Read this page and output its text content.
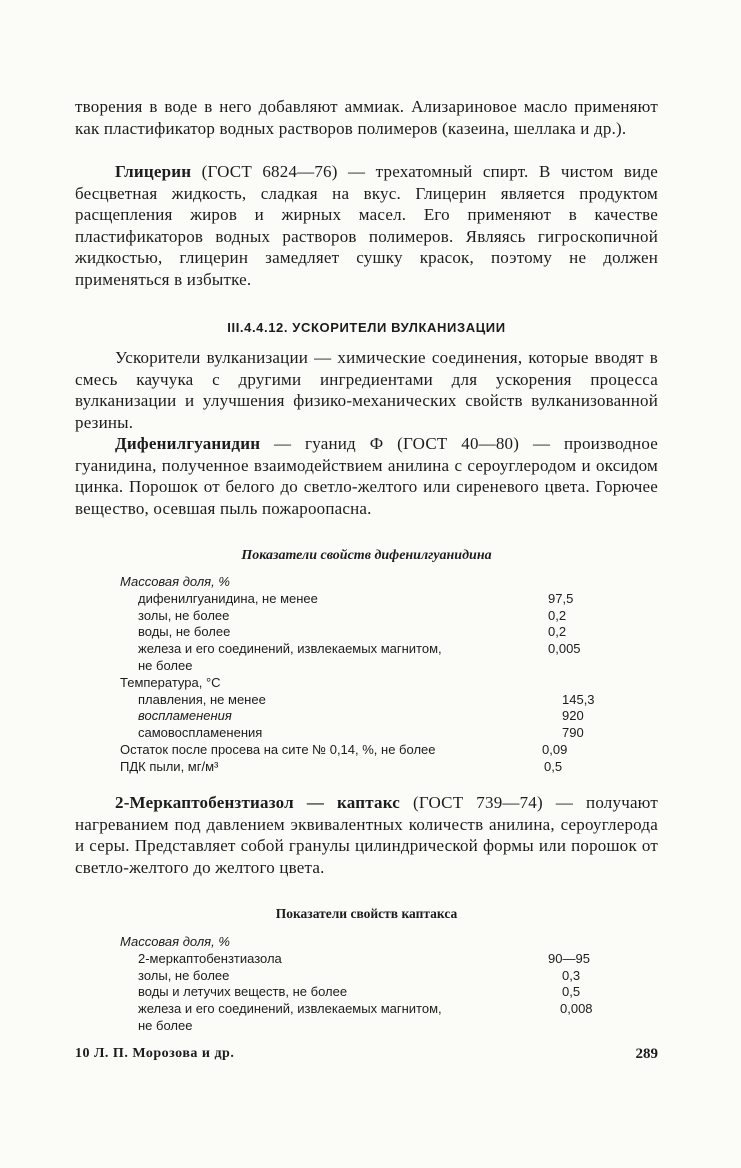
творения в воде в него добавляют аммиак. Ализариновое масло применяют как пластификатор водных растворов полимеров (казеина, шеллака и др.).

Глицерин (ГОСТ 6824—76) — трехатомный спирт. В чистом виде бесцветная жидкость, сладкая на вкус. Глицерин является продуктом расщепления жиров и жирных масел. Его применяют в качестве пластификаторов водных растворов полимеров. Являясь гигроскопичной жидкостью, глицерин замедляет сушку красок, поэтому не должен применяться в избытке.

III.4.4.12. УСКОРИТЕЛИ ВУЛКАНИЗАЦИИ

Ускорители вулканизации — химические соединения, которые вводят в смесь каучука с другими ингредиентами для ускорения процесса вулканизации и улучшения физико-механических свойств вулканизованной резины.

Дифенилгуанидин — гуанид Ф (ГОСТ 40—80) — производное гуанидина, полученное взаимодействием анилина с сероуглеродом и оксидом цинка. Порошок от белого до светло-желтого или сиреневого цвета. Горючее вещество, осевшая пыль пожароопасна.

Показатели свойств дифенилгуанидина
Массовая доля, %
дифенилгуанидина, не менее	97,5
золы, не более	0,2
воды, не более	0,2
железа и его соединений, извлекаемых магнитом,	0,005
не более
Температура, °С
плавления, не менее	145,3
воспламенения	920
самовоспламенения	790
Остаток после просева на сите № 0,14, %, не более	0,09
ПДК пыли, мг/м³	0,5

2-Меркаптобензтиазол — каптакс (ГОСТ 739—74) — получают нагреванием под давлением эквивалентных количеств анилина, сероуглерода и серы. Представляет собой гранулы цилиндрической формы или порошок от светло-желтого до желтого цвета.

Показатели свойств каптакса
Массовая доля, %
2-меркаптобензтиазола	90—95
золы, не более	0,3
воды и летучих веществ, не более	0,5
железа и его соединений, извлекаемых магнитом,	0,008
не более
10 Л. П. Морозова и др.	289
